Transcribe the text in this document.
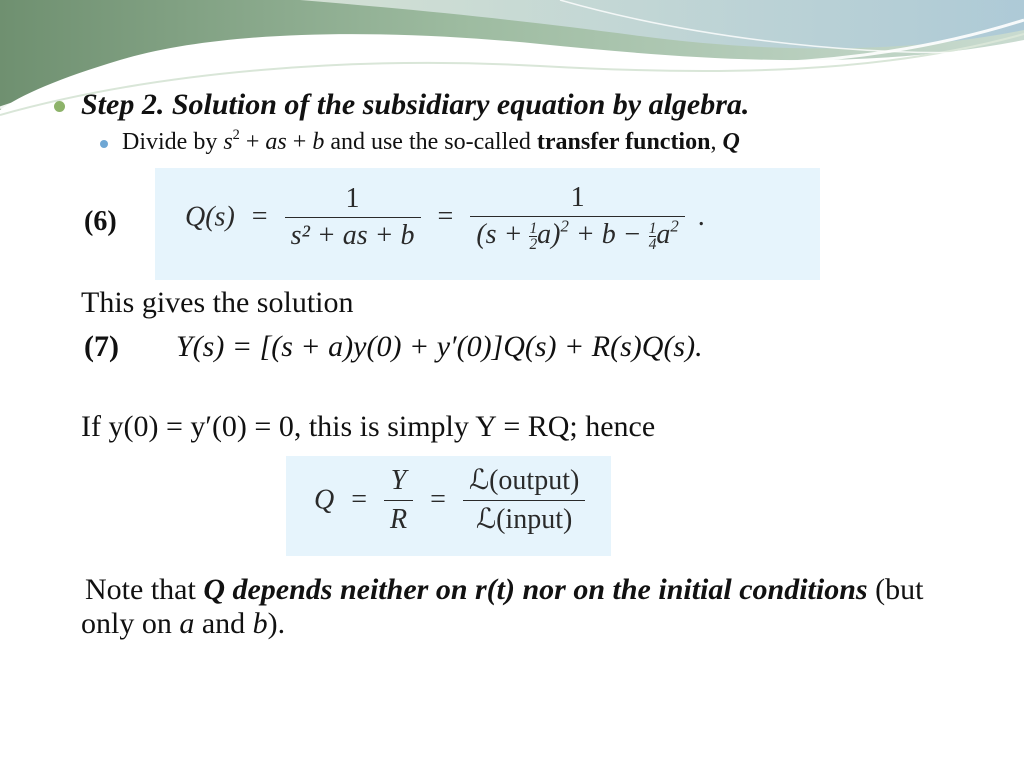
Step 2. Solution of the subsidiary equation by algebra.
Divide by $s^2$ + as + b and use the so-called transfer function, Q
(6) $Q(s) = \frac{1}{\text{s² + as + b}} = \frac{1}{(s + \frac{1}{2} a)^2 + b - \frac{1}{4} a^2}$ .
This gives the solution
(7) Y(s) = [(s + a)y(0) + y′(0)]Q(s) + R(s)Q(s).
If y(0) = y′(0) = 0, this is simply Y = RQ; hence
$Q = \frac{Y}{R} = \frac{\text{ℒ(output)}}{\text{ℒ(input)}}$
Note that Q depends neither on r(t) nor on the initial conditions (but only on a and b).
